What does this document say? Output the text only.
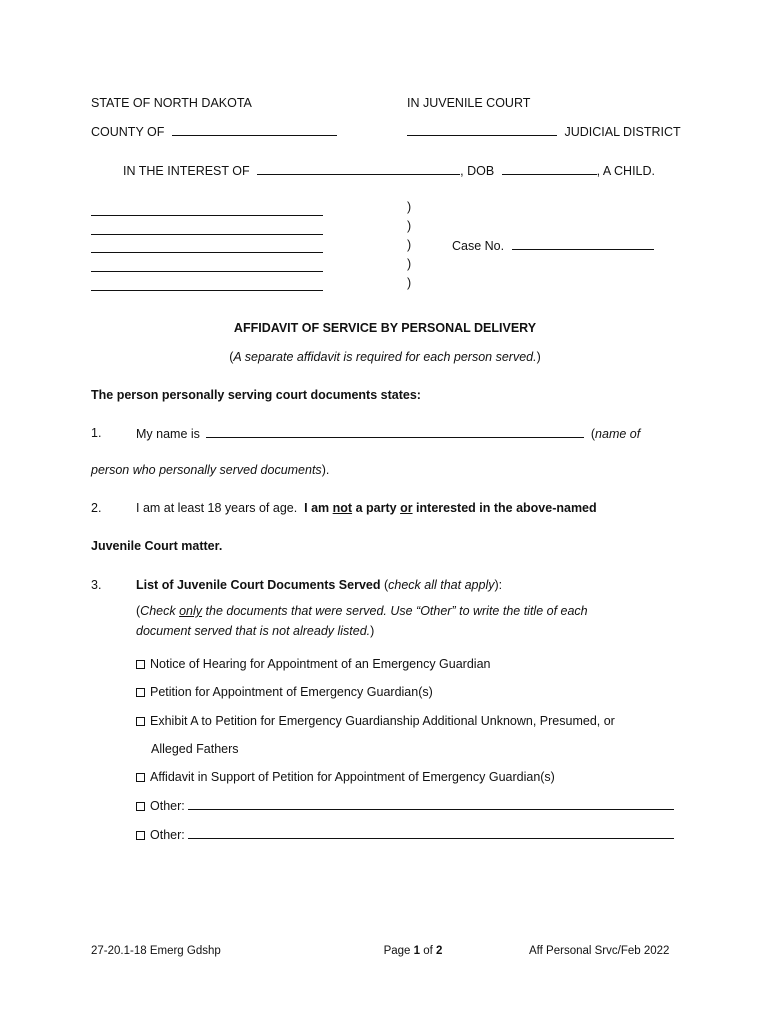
STATE OF NORTH DAKOTA	IN JUVENILE COURT
COUNTY OF	JUDICIAL DISTRICT
IN THE INTEREST OF	, DOB	, A CHILD.
)
)
)
)
)
Case No.
AFFIDAVIT OF SERVICE BY PERSONAL DELIVERY
(A separate affidavit is required for each person served.)
The person personally serving court documents states:
1.	My name is	(name of
person who personally served documents).
2.	I am at least 18 years of age. I am not a party or interested in the above-named
Juvenile Court matter.
3.	List of Juvenile Court Documents Served (check all that apply):
(Check only the documents that were served. Use “Other” to write the title of each
document served that is not already listed.)
Notice of Hearing for Appointment of an Emergency Guardian
Petition for Appointment of Emergency Guardian(s)
Exhibit A to Petition for Emergency Guardianship Additional Unknown, Presumed, or
Alleged Fathers
Affidavit in Support of Petition for Appointment of Emergency Guardian(s)
Other:
Other:
27-20.1-18 Emerg Gdshp	Page 1 of 2	Aff Personal Srvc/Feb 2022
